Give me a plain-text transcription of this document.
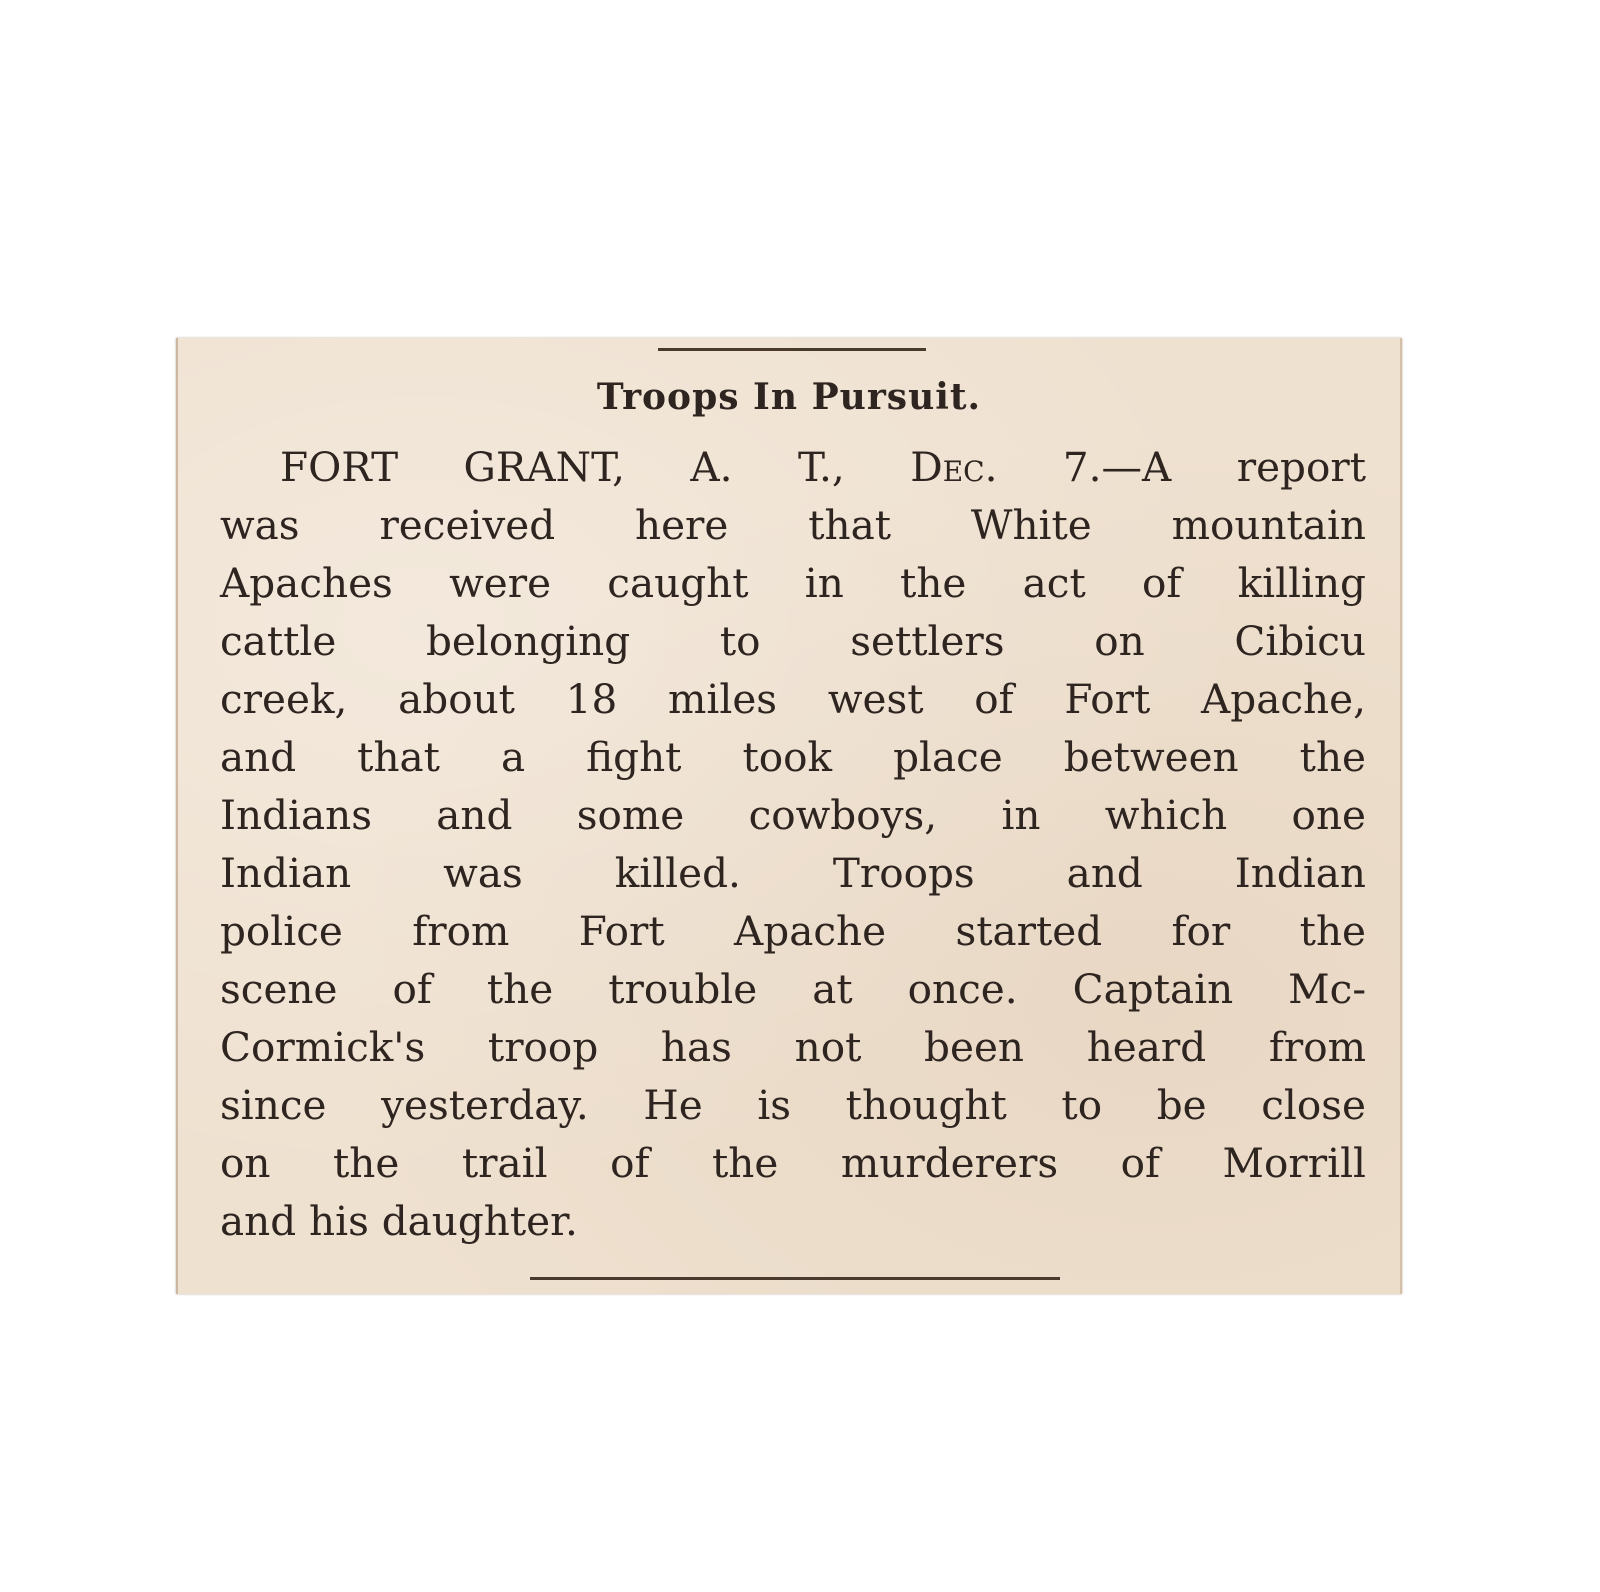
Troops In Pursuit.
FORT GRANT, A. T., Dec. 7.—A report
was received here that White mountain
Apaches were caught in the act of killing
cattle belonging to settlers on Cibicu
creek, about 18 miles west of Fort Apache,
and that a fight took place between the
Indians and some cowboys, in which one
Indian was killed. Troops and Indian
police from Fort Apache started for the
scene of the trouble at once. Captain Mc-
Cormick's troop has not been heard from
since yesterday. He is thought to be close
on the trail of the murderers of Morrill
and his daughter.
